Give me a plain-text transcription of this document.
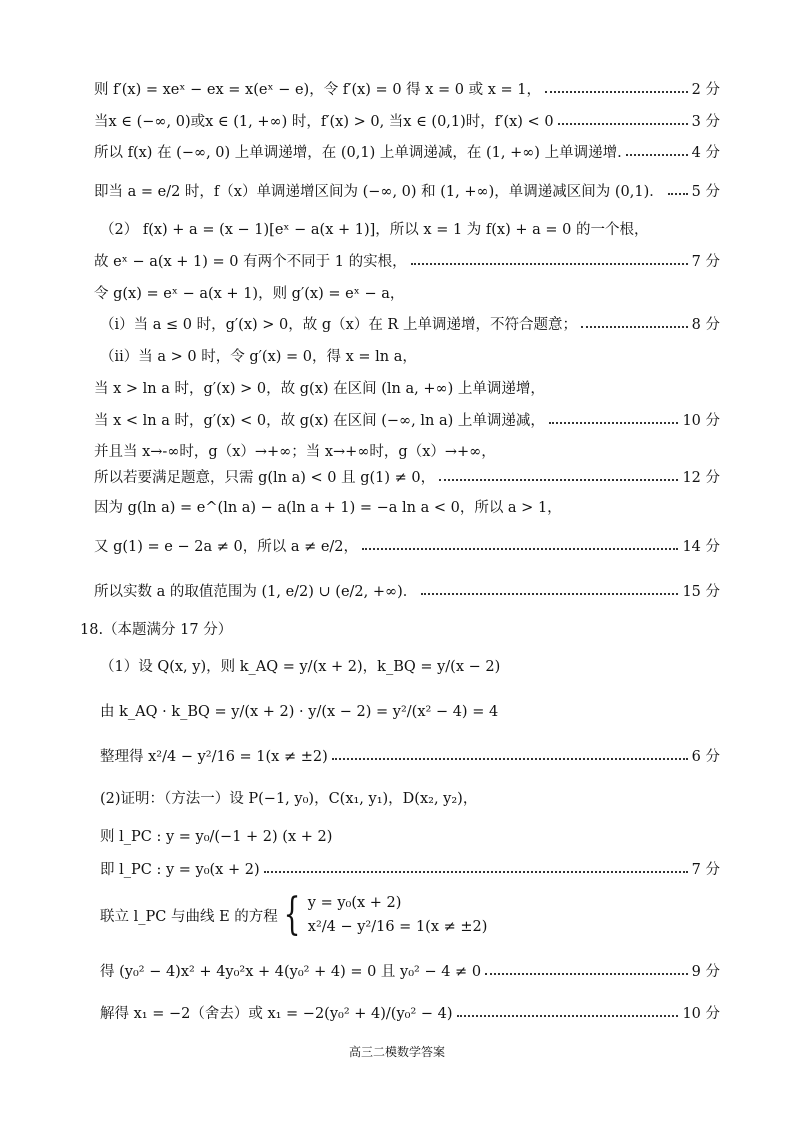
则 f′(x) = xeˣ − ex = x(eˣ − e)，令 f′(x) = 0 得 x = 0 或 x = 1，	2 分
当x ∈ (−∞, 0)或x ∈ (1, +∞) 时，f′(x) > 0, 当x ∈ (0,1)时，f′(x) < 0	3 分
所以 f(x) 在 (−∞, 0) 上单调递增，在 (0,1) 上单调递减，在 (1, +∞) 上单调递增.	4 分
即当 a = e/2 时，f（x）单调递增区间为 (−∞, 0) 和 (1, +∞)，单调递减区间为 (0,1)． 5 分
（2） f(x) + a = (x − 1)[eˣ − a(x + 1)]，所以 x = 1 为 f(x) + a = 0 的一个根，
故 eˣ − a(x + 1) = 0 有两个不同于 1 的实根，	7 分
令 g(x) = eˣ − a(x + 1)，则 g′(x) = eˣ − a，
（i）当 a ≤ 0 时，g′(x) > 0，故 g（x）在 R 上单调递增，不符合题意；	8 分
（ii）当 a > 0 时，令 g′(x) = 0，得 x = ln a，
当 x > ln a 时，g′(x) > 0，故 g(x) 在区间 (ln a, +∞) 上单调递增，
当 x < ln a 时，g′(x) < 0，故 g(x) 在区间 (−∞, ln a) 上单调递减，	10 分
并且当 x→-∞时，g（x）→+∞；当 x→+∞时，g（x）→+∞，
所以若要满足题意，只需 g(ln a) < 0 且 g(1) ≠ 0，	12 分
因为 g(ln a) = e^(ln a) − a(ln a + 1) = −a ln a < 0，所以 a > 1，
又 g(1) = e − 2a ≠ 0，所以 a ≠ e/2，	14 分
所以实数 a 的取值范围为 (1, e/2) ∪ (e/2, +∞)．	15 分
18.（本题满分 17 分）
（1）设 Q(x, y)，则 k_AQ = y/(x + 2)，k_BQ = y/(x − 2)
由 k_AQ · k_BQ = y/(x + 2) · y/(x − 2) = y²/(x² − 4) = 4
整理得 x²/4 − y²/16 = 1(x ≠ ±2)	6 分
(2)证明：（方法一）设 P(−1, y₀)，C(x₁, y₁)，D(x₂, y₂)，
则 l_PC : y = y₀/(−1 + 2) (x + 2)
即 l_PC : y = y₀(x + 2)	7 分
联立 l_PC 与曲线 E 的方程 { y = y₀(x + 2)
x²/4 − y²/16 = 1(x ≠ ±2)
得 (y₀² − 4)x² + 4y₀²x + 4(y₀² + 4) = 0 且 y₀² − 4 ≠ 0	9 分
解得 x₁ = −2（舍去）或 x₁ = −2(y₀² + 4)/(y₀² − 4)	10 分
高三二模数学答案
